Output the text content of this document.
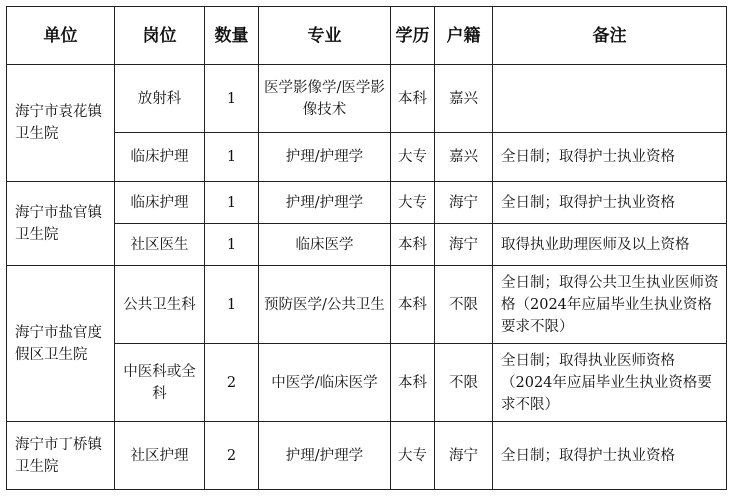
单位	岗位	数量	专业	学历	户籍	备注
海宁市袁花镇卫生院	放射科	1	医学影像学/医学影像技术	本科	嘉兴	
	临床护理	1	护理/护理学	大专	嘉兴	全日制；取得护士执业资格
海宁市盐官镇卫生院	临床护理	1	护理/护理学	大专	海宁	全日制；取得护士执业资格
	社区医生	1	临床医学	本科	海宁	取得执业助理医师及以上资格
海宁市盐官度假区卫生院	公共卫生科	1	预防医学/公共卫生	本科	不限	全日制；取得公共卫生执业医师资格（2024年应届毕业生执业资格要求不限）
	中医科或全科	2	中医学/临床医学	本科	不限	全日制；取得执业医师资格（2024年应届毕业生执业资格要求不限）
海宁市丁桥镇卫生院	社区护理	2	护理/护理学	大专	海宁	全日制；取得护士执业资格
